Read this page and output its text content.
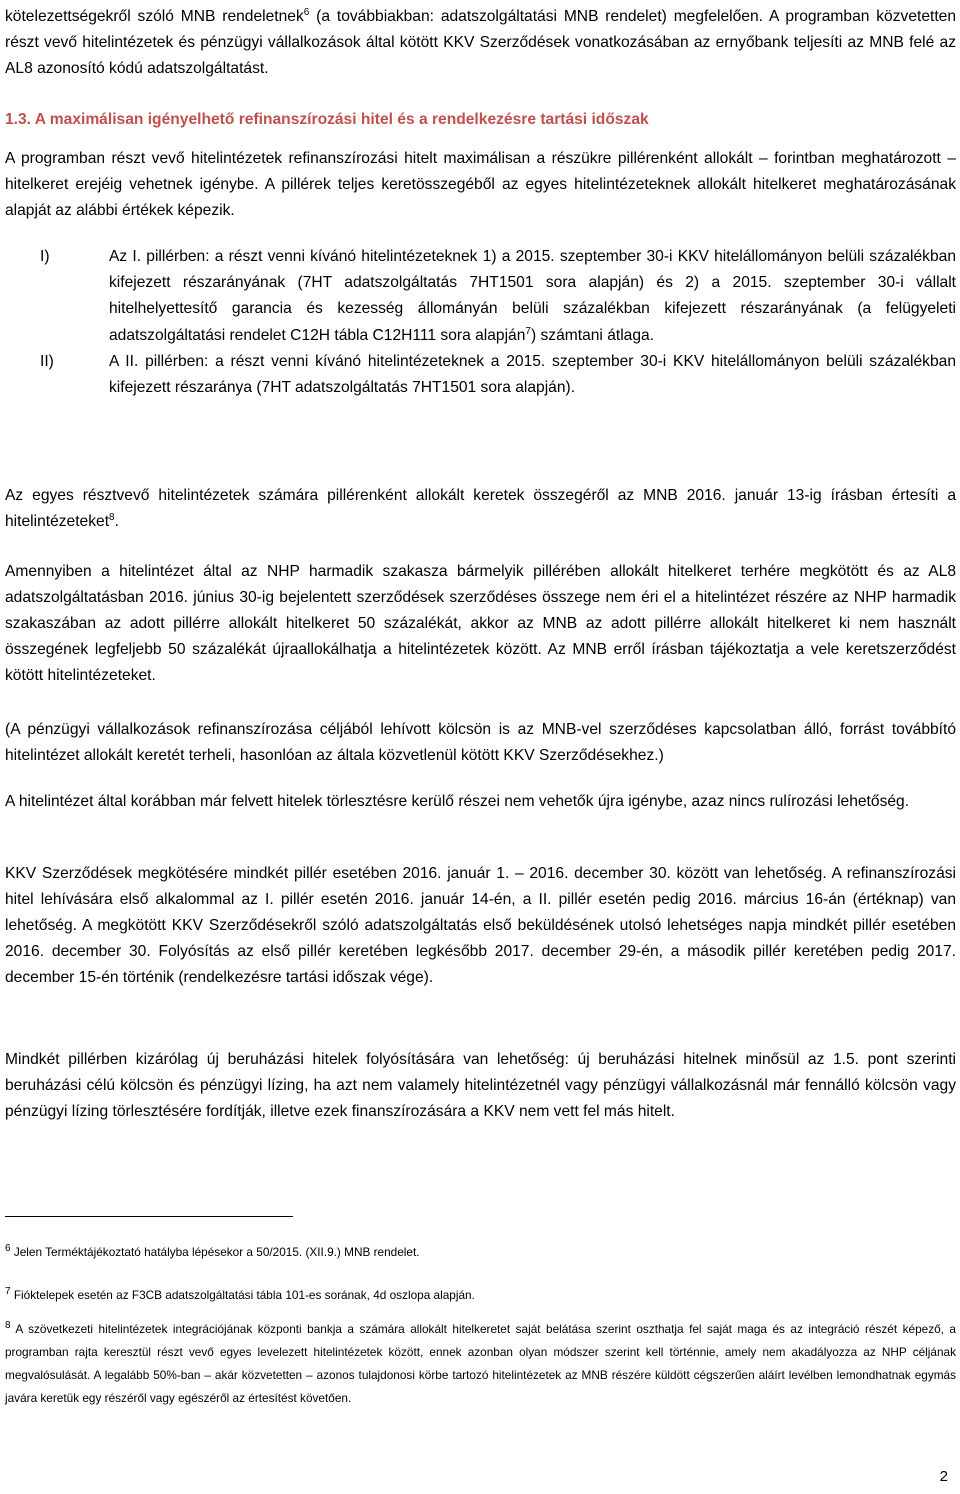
kötelezettségekről szóló MNB rendeletnek$^6$ (a továbbiakban: adatszolgáltatási MNB rendelet) megfelelően. A programban közvetetten részt vevő hitelintézetek és pénzügyi vállalkozások által kötött KKV Szerződések vonatkozásában az ernyőbank teljesíti az MNB felé az AL8 azonosító kódú adatszolgáltatást.

1.3. A maximálisan igényelhető refinanszírozási hitel és a rendelkezésre tartási időszak

A programban részt vevő hitelintézetek refinanszírozási hitelt maximálisan a részükre pillérenként allokált – forintban meghatározott – hitelkeret erejéig vehetnek igénybe. A pillérek teljes keretösszegéből az egyes hitelintézeteknek allokált hitelkeret meghatározásának alapját az alábbi értékek képezik.

I)	Az I. pillérben: a részt venni kívánó hitelintézeteknek 1) a 2015. szeptember 30-i KKV hitelállományon belüli százalékban kifejezett részarányának (7HT adatszolgáltatás 7HT1501 sora alapján) és 2) a 2015. szeptember 30-i vállalt hitelhelyettesítő garancia és kezesség állományán belüli százalékban kifejezett részarányának (a felügyeleti adatszolgáltatási rendelet C12H tábla C12H111 sora alapján$^7$) számtani átlaga.
II)	A II. pillérben: a részt venni kívánó hitelintézeteknek a 2015. szeptember 30-i KKV hitelállományon belüli százalékban kifejezett részaránya (7HT adatszolgáltatás 7HT1501 sora alapján).

Az egyes résztvevő hitelintézetek számára pillérenként allokált keretek összegéről az MNB 2016. január 13-ig írásban értesíti a hitelintézeteket$^8$.

Amennyiben a hitelintézet által az NHP harmadik szakasza bármelyik pillérében allokált hitelkeret terhére megkötött és az AL8 adatszolgáltatásban 2016. június 30-ig bejelentett szerződések szerződéses összege nem éri el a hitelintézet részére az NHP harmadik szakaszában az adott pillérre allokált hitelkeret 50 százalékát, akkor az MNB az adott pillérre allokált hitelkeret ki nem használt összegének legfeljebb 50 százalékát újraallokálhatja a hitelintézetek között. Az MNB erről írásban tájékoztatja a vele keretszerződést kötött hitelintézeteket.

(A pénzügyi vállalkozások refinanszírozása céljából lehívott kölcsön is az MNB-vel szerződéses kapcsolatban álló, forrást továbbító hitelintézet allokált keretét terheli, hasonlóan az általa közvetlenül kötött KKV Szerződésekhez.)

A hitelintézet által korábban már felvett hitelek törlesztésre kerülő részei nem vehetők újra igénybe, azaz nincs rulírozási lehetőség.

KKV Szerződések megkötésére mindkét pillér esetében 2016. január 1. – 2016. december 30. között van lehetőség. A refinanszírozási hitel lehívására első alkalommal az I. pillér esetén 2016. január 14-én, a II. pillér esetén pedig 2016. március 16-án (értéknap) van lehetőség. A megkötött KKV Szerződésekről szóló adatszolgáltatás első beküldésének utolsó lehetséges napja mindkét pillér esetében 2016. december 30. Folyósítás az első pillér keretében legkésőbb 2017. december 29-én, a második pillér keretében pedig 2017. december 15-én történik (rendelkezésre tartási időszak vége).

Mindkét pillérben kizárólag új beruházási hitelek folyósítására van lehetőség: új beruházási hitelnek minősül az 1.5. pont szerinti beruházási célú kölcsön és pénzügyi lízing, ha azt nem valamely hitelintézetnél vagy pénzügyi vállalkozásnál már fennálló kölcsön vagy pénzügyi lízing törlesztésére fordítják, illetve ezek finanszírozására a KKV nem vett fel más hitelt.

$^6$ Jelen Terméktájékoztató hatályba lépésekor a 50/2015. (XII.9.) MNB rendelet.

$^7$ Fióktelepek esetén az F3CB adatszolgáltatási tábla 101-es sorának, 4d oszlopa alapján.

$^8$ A szövetkezeti hitelintézetek integrációjának központi bankja a számára allokált hitelkeretet saját belátása szerint oszthatja fel saját maga és az integráció részét képező, a programban rajta keresztül részt vevő egyes levelezett hitelintézetek között, ennek azonban olyan módszer szerint kell történnie, amely nem akadályozza az NHP céljának megvalósulását. A legalább 50%-ban – akár közvetetten – azonos tulajdonosi körbe tartozó hitelintézetek az MNB részére küldött cégszerűen aláírt levélben lemondhatnak egymás javára keretük egy részéről vagy egészéről az értesítést követően.

2
